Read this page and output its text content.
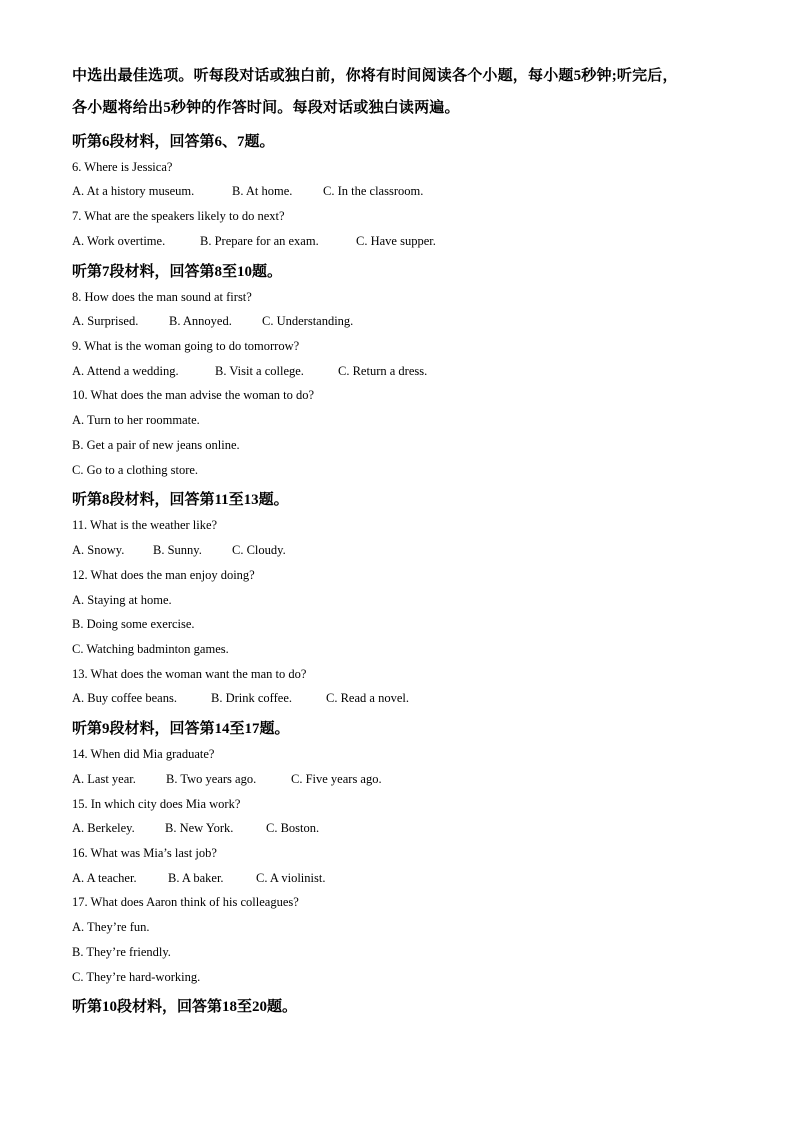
中选出最佳选项。听每段对话或独白前，你将有时间阅读各个小题，每小题5秒钟;听完后，
各小题将给出5秒钟的作答时间。每段对话或独白读两遍。
听第6段材料，回答第6、7题。
6. Where is Jessica?
A. At a history museum.	B. At home. C. In the classroom.
7. What are the speakers likely to do next?
A. Work overtime.	B. Prepare for an exam.	C. Have supper.
听第7段材料，回答第8至10题。
8. How does the man sound at first?
A. Surprised. B. Annoyed. C. Understanding.
9. What is the woman going to do tomorrow?
A. Attend a wedding.	B. Visit a college.	C. Return a dress.
10. What does the man advise the woman to do?
A. Turn to her roommate.
B. Get a pair of new jeans online.
C. Go to a clothing store.
听第8段材料，回答第11至13题。
11. What is the weather like?
A. Snowy. B. Sunny. C. Cloudy.
12. What does the man enjoy doing?
A. Staying at home.
B. Doing some exercise.
C. Watching badminton games.
13. What does the woman want the man to do?
A. Buy coffee beans.	B. Drink coffee.	C. Read a novel.
听第9段材料，回答第14至17题。
14. When did Mia graduate?
A. Last year. B. Two years ago.	C. Five years ago.
15. In which city does Mia work?
A. Berkeley. B. New York.	C. Boston.
16. What was Mia’s last job?
A. A teacher.	B. A baker.	C. A violinist.
17. What does Aaron think of his colleagues?
A. They’re fun.
B. They’re friendly.
C. They’re hard-working.
听第10段材料，回答第18至20题。
